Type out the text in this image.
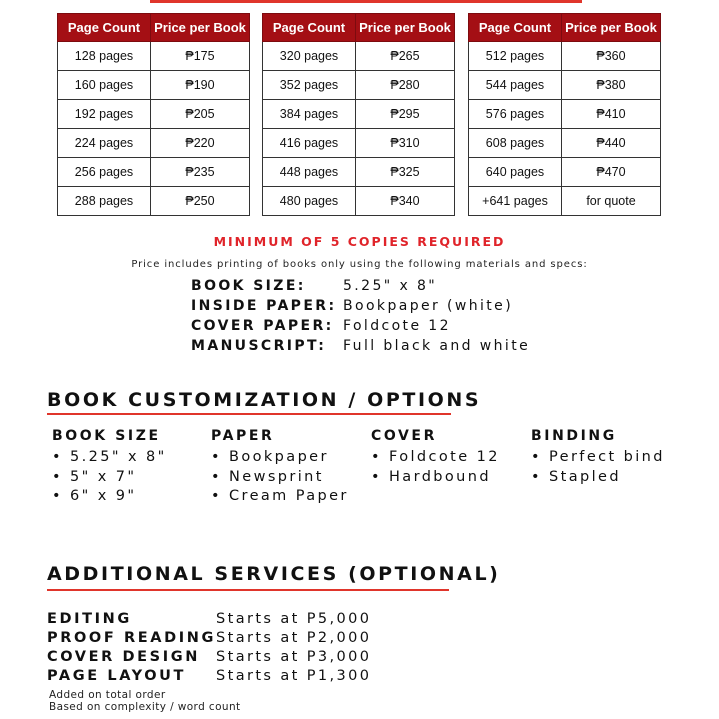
Page Count	Price per Book
128 pages	₱175
160 pages	₱190
192 pages	₱205
224 pages	₱220
256 pages	₱235
288 pages	₱250
Page Count	Price per Book
320 pages	₱265
352 pages	₱280
384 pages	₱295
416 pages	₱310
448 pages	₱325
480 pages	₱340
Page Count	Price per Book
512 pages	₱360
544 pages	₱380
576 pages	₱410
608 pages	₱440
640 pages	₱470
+641 pages	for quote
MINIMUM OF 5 COPIES REQUIRED
Price includes printing of books only using the following materials and specs:
BOOK SIZE:	5.25" x 8"
INSIDE PAPER: Bookpaper (white)
COVER PAPER: Foldcote 12
MANUSCRIPT: Full black and white
BOOK CUSTOMIZATION / OPTIONS
BOOK SIZE
• 5.25" x 8"
• 5" x 7"
• 6" x 9"
PAPER
• Bookpaper
• Newsprint
• Cream Paper
COVER
• Foldcote 12
• Hardbound
BINDING
• Perfect bind
• Stapled
ADDITIONAL SERVICES (OPTIONAL)
EDITING	Starts at P5,000
PROOF READING Starts at P2,000
COVER DESIGN Starts at P3,000
PAGE LAYOUT Starts at P1,300
Added on total order
Based on complexity / word count
